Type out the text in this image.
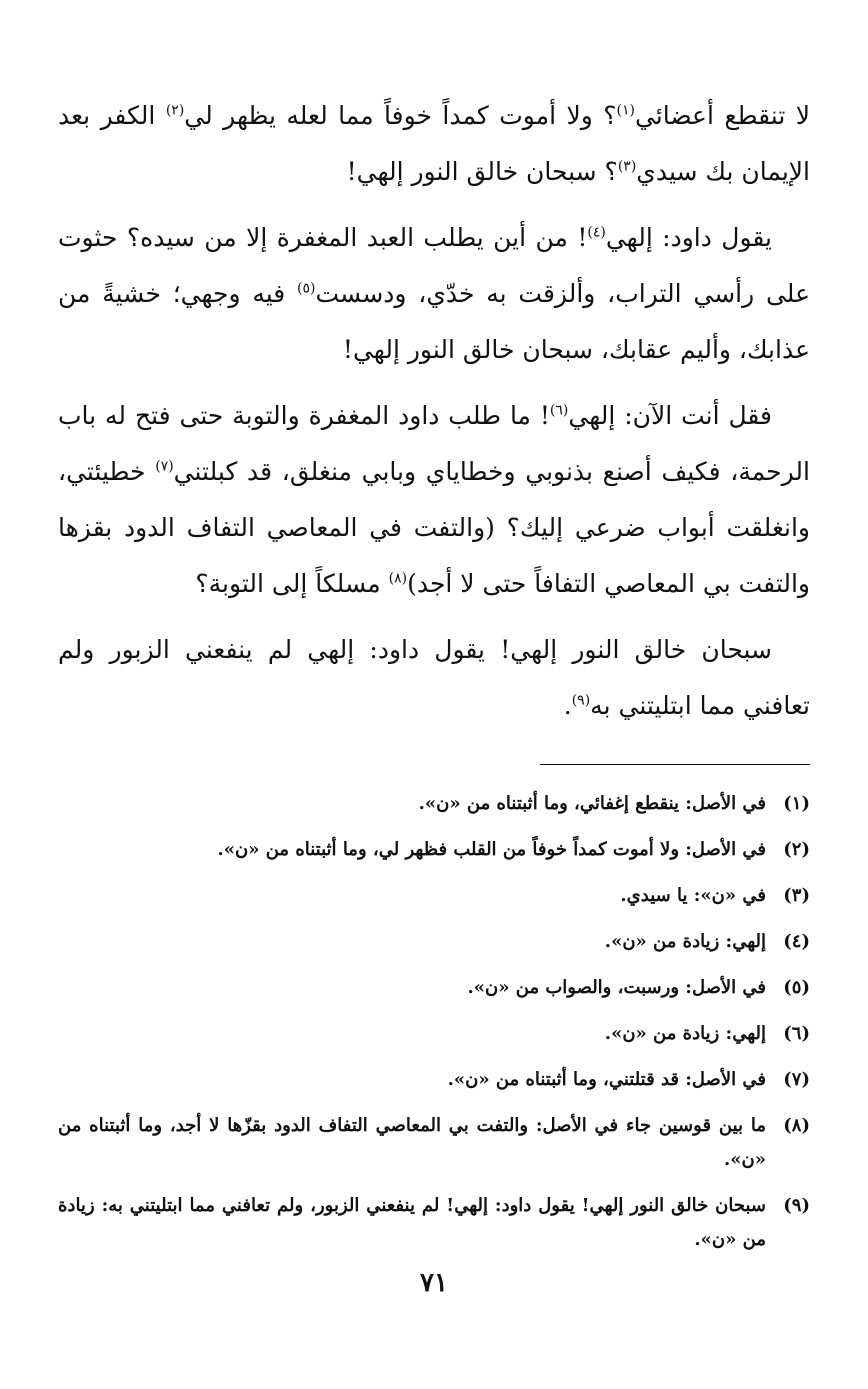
لا تنقطع أعضائي$^{(١)}$؟ ولا أموت كمداً خوفاً مما لعله يظهر لي$^{(٢)}$ الكفر بعد الإيمان بك سيدي$^{(٣)}$؟ سبحان خالق النور إلهي!

يقول داود: إلهي$^{(٤)}$! من أين يطلب العبد المغفرة إلا من سيده؟ حثوت على رأسي التراب، وألزقت به خدّي، ودسست$^{(٥)}$ فيه وجهي؛ خشيةً من عذابك، وأليم عقابك، سبحان خالق النور إلهي!

فقل أنت الآن: إلهي$^{(٦)}$! ما طلب داود المغفرة والتوبة حتى فتح له باب الرحمة، فكيف أصنع بذنوبي وخطاياي وبابي منغلق، قد كبلتني$^{(٧)}$ خطيئتي، وانغلقت أبواب ضرعي إليك؟ (والتفت في المعاصي التفاف الدود بقزها والتفت بي المعاصي التفافاً حتى لا أجد)$^{(٨)}$ مسلكاً إلى التوبة؟

سبحان خالق النور إلهي! يقول داود: إلهي لم ينفعني الزبور ولم تعافني مما ابتليتني به$^{(٩)}$.

(١)
في الأصل: ينقطع إغفائي، وما أثبتناه من «ن».
(٢)
في الأصل: ولا أموت كمداً خوفاً من القلب فظهر لي، وما أثبتناه من «ن».
(٣)
في «ن»: يا سيدي.
(٤)
إلهي: زيادة من «ن».
(٥)
في الأصل: ورسبت، والصواب من «ن».
(٦)
إلهي: زيادة من «ن».
(٧)
في الأصل: قد قتلتني، وما أثبتناه من «ن».
(٨)
ما بين قوسين جاء في الأصل: والتفت بي المعاصي التفاف الدود بقزّها لا أجد، وما أثبتناه من «ن».
(٩)
سبحان خالق النور إلهي! يقول داود: إلهي! لم ينفعني الزبور، ولم تعافني مما ابتليتني به: زيادة من «ن».
٧١
